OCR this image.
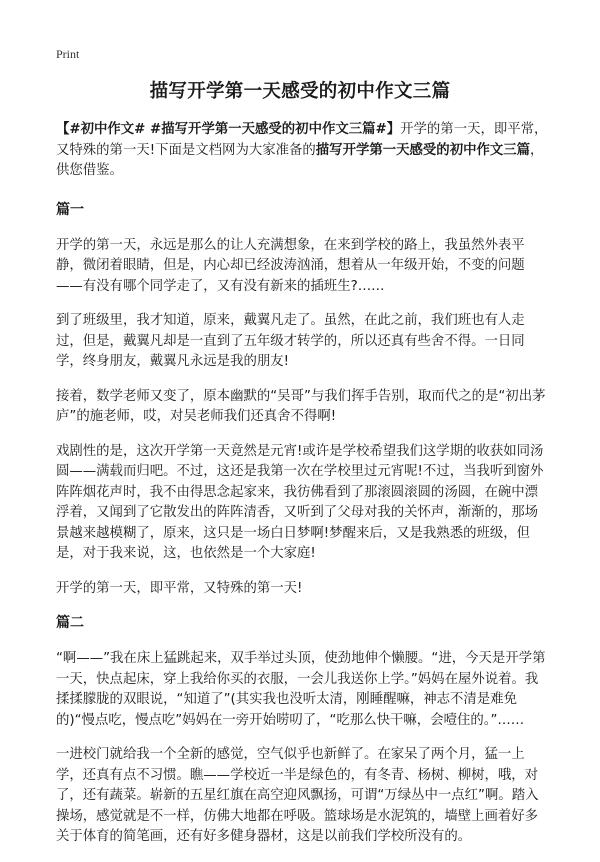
Print
描写开学第一天感受的初中作文三篇

【#初中作文# #描写开学第一天感受的初中作文三篇#】开学的第一天，即平常，又特殊的第一天!下面是文档网为大家准备的描写开学第一天感受的初中作文三篇，供您借鉴。

篇一

开学的第一天，永远是那么的让人充满想象，在来到学校的路上，我虽然外表平静，微闭着眼睛，但是，内心却已经波涛汹涌，想着从一年级开始，不变的问题——有没有哪个同学走了，又有没有新来的插班生?……

到了班级里，我才知道，原来，戴翼凡走了。虽然，在此之前，我们班也有人走过，但是，戴翼凡却是一直到了五年级才转学的，所以还真有些舍不得。一日同学，终身朋友，戴翼凡永远是我的朋友!

接着，数学老师又变了，原本幽默的“吴哥”与我们挥手告别，取而代之的是“初出茅庐”的施老师，哎，对吴老师我们还真舍不得啊!

戏剧性的是，这次开学第一天竟然是元宵!或许是学校希望我们这学期的收获如同汤圆——满载而归吧。不过，这还是我第一次在学校里过元宵呢!不过，当我听到窗外阵阵烟花声时，我不由得思念起家来，我彷佛看到了那滚圆滚圆的汤圆，在碗中漂浮着，又闻到了它散发出的阵阵清香，又听到了父母对我的关怀声，渐渐的，那场景越来越模糊了，原来，这只是一场白日梦啊!梦醒来后，又是我熟悉的班级，但是，对于我来说，这，也依然是一个大家庭!

开学的第一天，即平常，又特殊的第一天!

篇二

“啊——”我在床上猛跳起来，双手举过头顶，使劲地伸个懒腰。“进，今天是开学第一天，快点起床，穿上我给你买的衣服，一会儿我送你上学。”妈妈在屋外说着。我揉揉朦胧的双眼说，“知道了”(其实我也没听太清，刚睡醒嘛，神志不清是难免的)“慢点吃，慢点吃”妈妈在一旁开始唠叨了，“吃那么快干嘛，会噎住的。”……

一进校门就给我一个全新的感觉，空气似乎也新鲜了。在家呆了两个月，猛一上学，还真有点不习惯。瞧——学校近一半是绿色的，有冬青、杨树、柳树，哦，对了，还有蔬菜。崭新的五星红旗在高空迎风飘扬，可谓“万绿丛中一点红”啊。踏入操场，感觉就是不一样，仿佛大地都在呼吸。篮球场是水泥筑的，墙壁上画着好多关于体育的简笔画，还有好多健身器材，这是以前我们学校所没有的。
